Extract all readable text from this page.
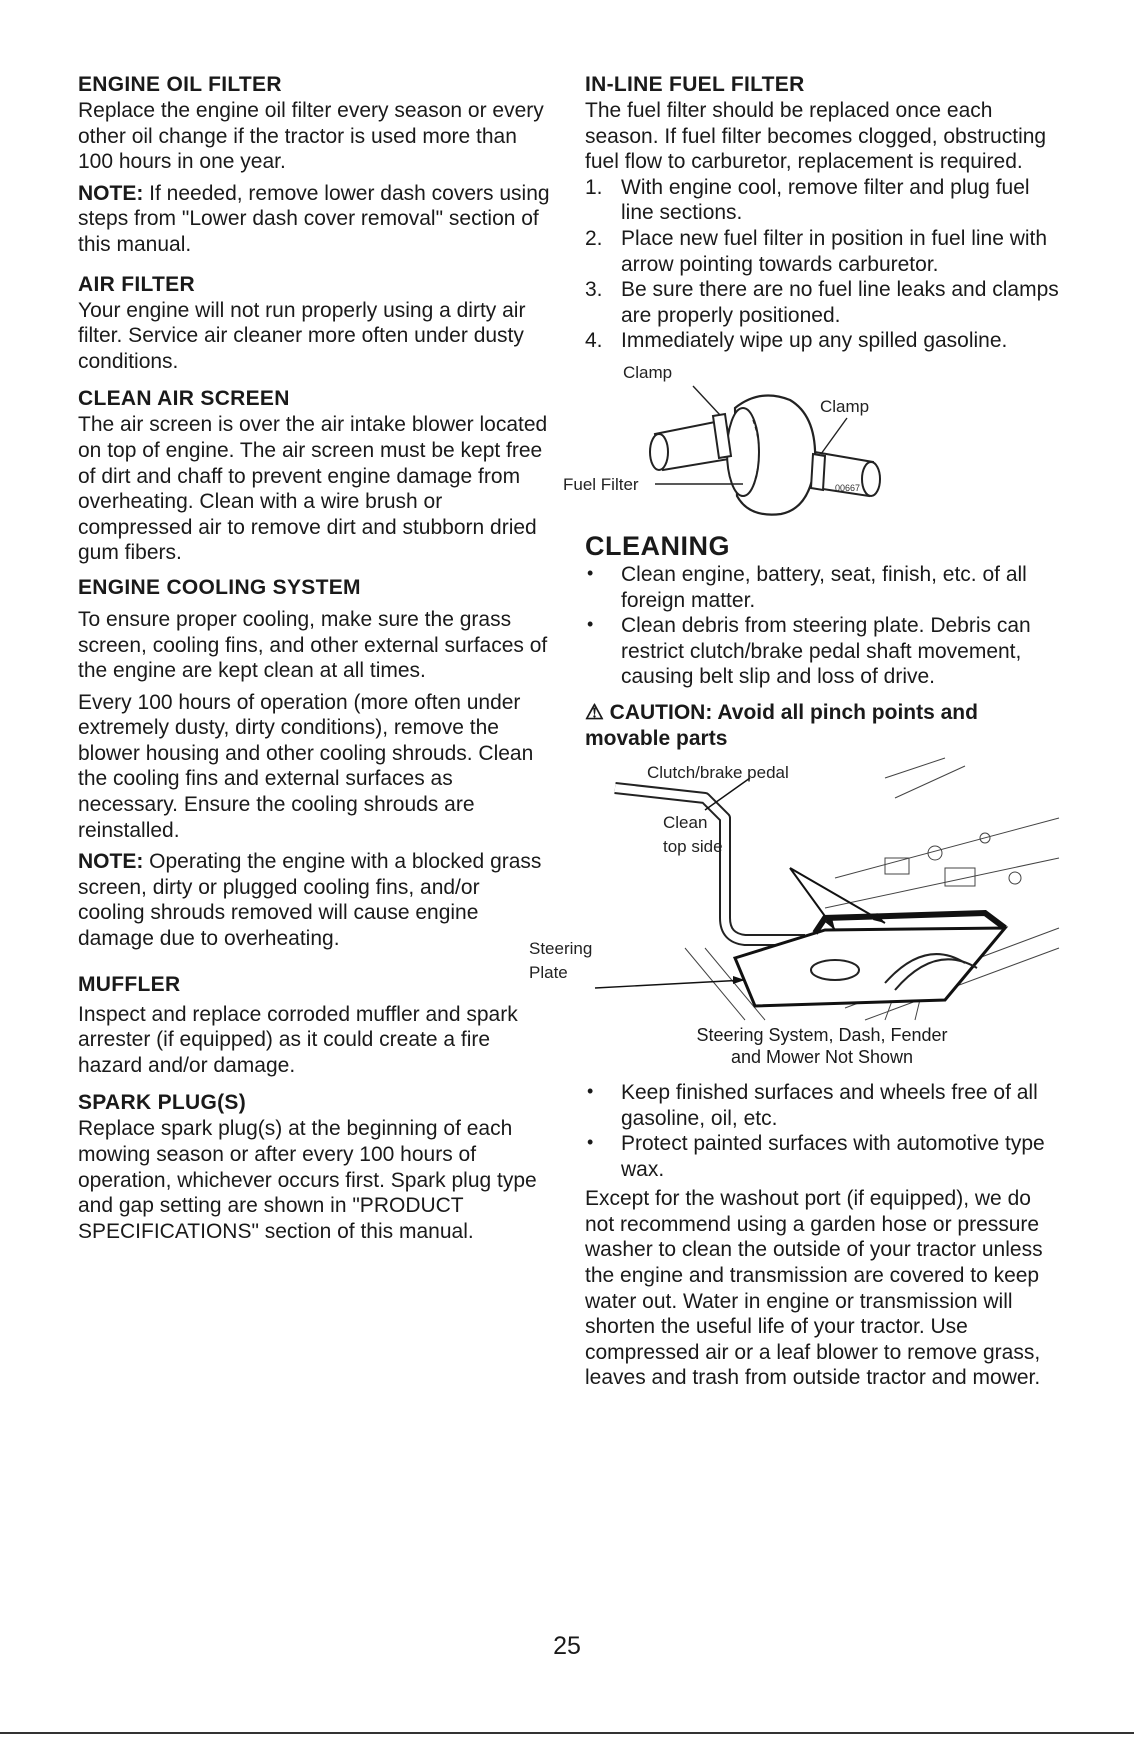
ENGINE OIL FILTER

Replace the engine oil filter every season or every other oil change if the tractor is used more than 100 hours in one year.

NOTE: If needed, remove lower dash covers using steps from "Lower dash cover removal" section of this manual.

AIR FILTER

Your engine will not run properly using a dirty air filter. Service air cleaner more often under dusty conditions.

CLEAN AIR SCREEN

The air screen is over the air intake blower located on top of engine. The air screen must be kept free of dirt and chaff to prevent engine damage from overheating. Clean with a wire brush or compressed air to remove dirt and stubborn dried gum fibers.

ENGINE COOLING SYSTEM

To ensure proper cooling, make sure the grass screen, cooling fins, and other external surfaces of the engine are kept clean at all times.

Every 100 hours of operation (more often under extremely dusty, dirty conditions), remove the blower housing and other cooling shrouds. Clean the cooling fins and external surfaces as necessary. Ensure the cooling shrouds are reinstalled.

NOTE: Operating the engine with a blocked grass screen, dirty or plugged cooling fins, and/or cooling shrouds removed will cause engine damage due to overheating.

MUFFLER

Inspect and replace corroded muffler and spark arrester (if equipped) as it could create a fire hazard and/or damage.

SPARK PLUG(S)

Replace spark plug(s) at the beginning of each mowing season or after every 100 hours of operation, whichever occurs first. Spark plug type and gap setting are shown in "PRODUCT SPECIFICATIONS" section of this manual.

IN-LINE FUEL FILTER

The fuel filter should be replaced once each season. If fuel filter becomes clogged, obstructing fuel flow to carburetor, replacement is required.

1. With engine cool, remove filter and plug fuel line sections.
2. Place new fuel filter in position in fuel line with arrow pointing towards carburetor.
3. Be sure there are no fuel line leaks and clamps are properly positioned.
4. Immediately wipe up any spilled gasoline.
Clamp
Clamp
Fuel Filter	00667
CLEANING
• Clean engine, battery, seat, finish, etc. of all foreign matter.
• Clean debris from steering plate. Debris can restrict clutch/brake pedal shaft movement, causing belt slip and loss of drive.
⚠ CAUTION: Avoid all pinch points and movable parts
Clutch/brake pedal
Clean
top side
Steering
Plate

Steering System, Dash, Fender
and Mower Not Shown

• Keep finished surfaces and wheels free of all gasoline, oil, etc.
• Protect painted surfaces with automotive type wax.

Except for the washout port (if equipped), we do not recommend using a garden hose or pressure washer to clean the outside of your tractor unless the engine and transmission are covered to keep water out. Water in engine or transmission will shorten the useful life of your tractor. Use compressed air or a leaf blower to remove grass, leaves and trash from outside tractor and mower.

25
